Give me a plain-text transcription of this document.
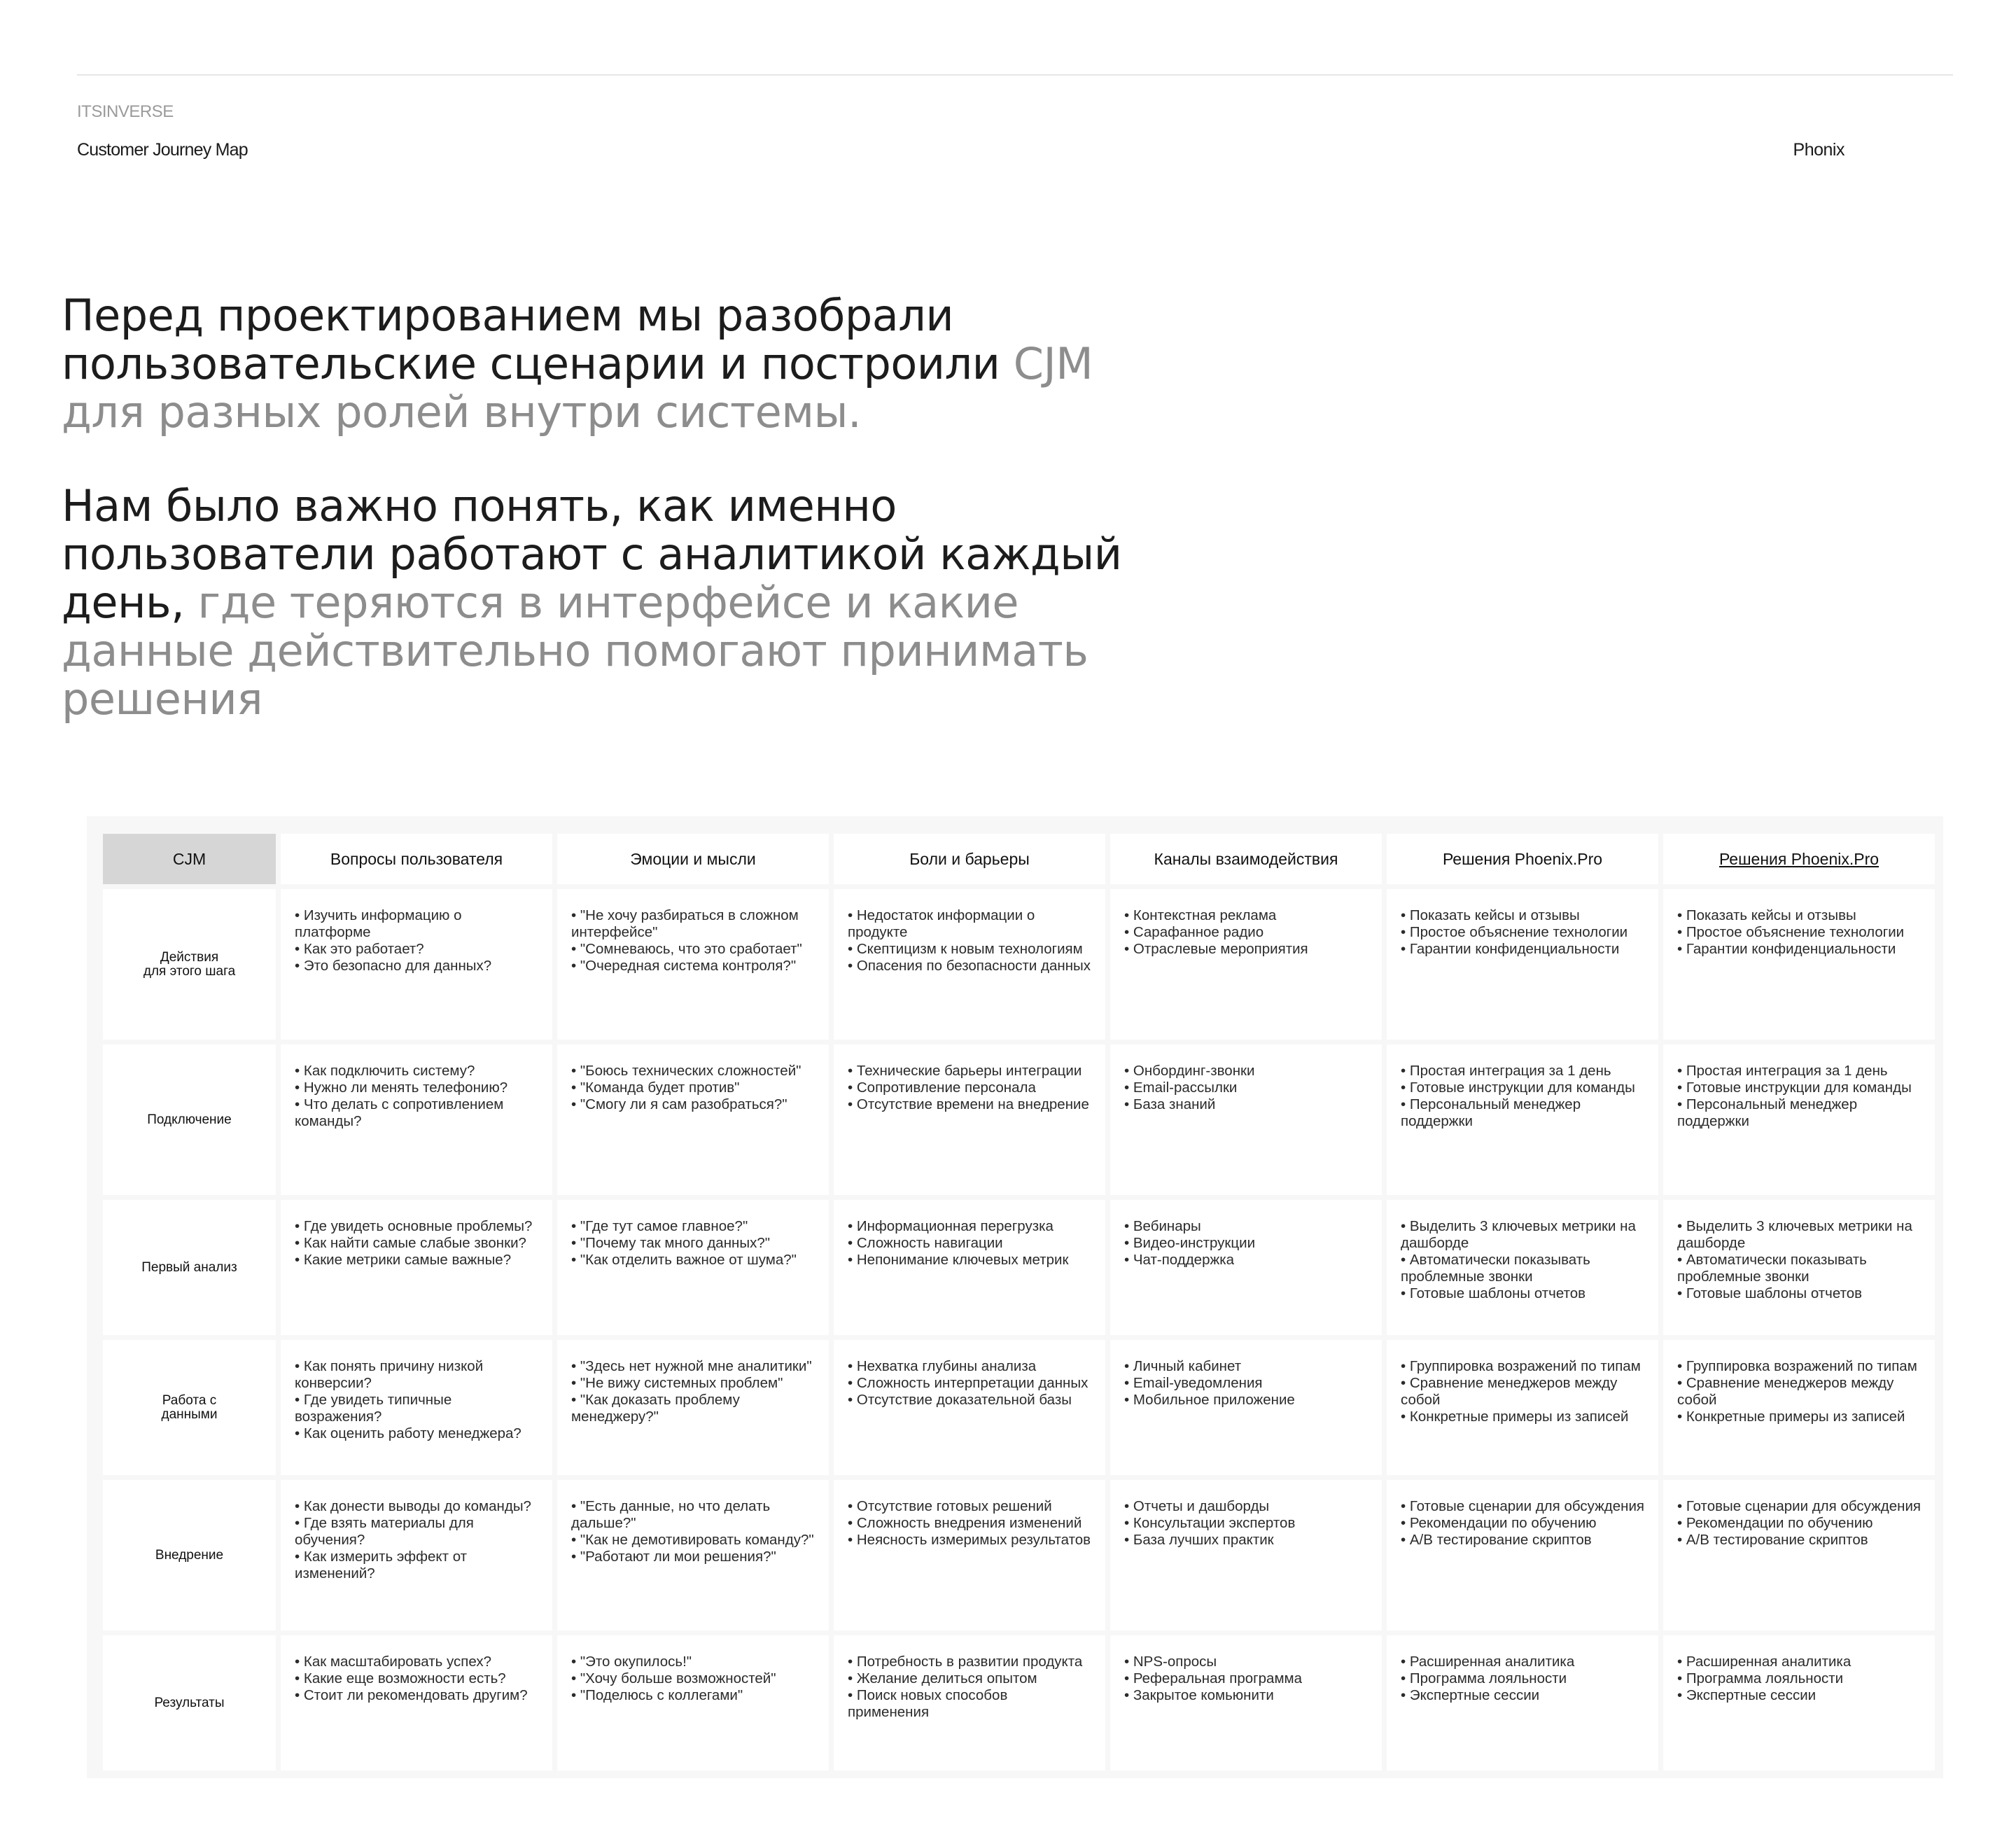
ITSINVERSE
Customer Journey Map	Phonix
Перед проектированием мы разобрали пользовательские сценарии и построили CJM для разных ролей внутри системы.
Нам было важно понять, как именно пользователи работают с аналитикой каждый день, где теряются в интерфейсе и какие данные действительно помогают принимать решения
CJM	Вопросы пользователя	Эмоции и мысли	Боли и барьеры	Каналы взаимодействия	Решения Phoenix.Pro	Решения Phoenix.Pro

Действия
для этого шага	• Изучить информацию о платформе
• Как это работает?
• Это безопасно для данных?	• "Не хочу разбираться в сложном интерфейсе"
• "Сомневаюсь, что это сработает"
• "Очередная система контроля?"	• Недостаток информации о продукте
• Скептицизм к новым технологиям
• Опасения по безопасности данных	• Контекстная реклама
• Сарафанное радио
• Отраслевые мероприятия	• Показать кейсы и отзывы
• Простое объяснение технологии
• Гарантии конфиденциальности	• Показать кейсы и отзывы
• Простое объяснение технологии
• Гарантии конфиденциальности

Подключение	• Как подключить систему?
• Нужно ли менять телефонию?
• Что делать с сопротивлением команды?	• "Боюсь технических сложностей"
• "Команда будет против"
• "Смогу ли я сам разобраться?"	• Технические барьеры интеграции
• Сопротивление персонала
• Отсутствие времени на внедрение	• Онбординг-звонки
• Email-рассылки
• База знаний	• Простая интеграция за 1 день
• Готовые инструкции для команды
• Персональный менеджер поддержки	• Простая интеграция за 1 день
• Готовые инструкции для команды
• Персональный менеджер поддержки

Первый анализ	• Где увидеть основные проблемы?
• Как найти самые слабые звонки?
• Какие метрики самые важные?	• "Где тут самое главное?"
• "Почему так много данных?"
• "Как отделить важное от шума?"	• Информационная перегрузка
• Сложность навигации
• Непонимание ключевых метрик	• Вебинары
• Видео-инструкции
• Чат-поддержка	• Выделить 3 ключевых метрики на дашборде
• Автоматически показывать проблемные звонки
• Готовые шаблоны отчетов	• Выделить 3 ключевых метрики на дашборде
• Автоматически показывать проблемные звонки
• Готовые шаблоны отчетов

Работа с
данными	• Как понять причину низкой конверсии?
• Где увидеть типичные возражения?
• Как оценить работу менеджера?	• "Здесь нет нужной мне аналитики"
• "Не вижу системных проблем"
• "Как доказать проблему менеджеру?"	• Нехватка глубины анализа
• Сложность интерпретации данных
• Отсутствие доказательной базы	• Личный кабинет
• Email-уведомления
• Мобильное приложение	• Группировка возражений по типам
• Сравнение менеджеров между собой
• Конкретные примеры из записей	• Группировка возражений по типам
• Сравнение менеджеров между собой
• Конкретные примеры из записей

Внедрение	• Как донести выводы до команды?
• Где взять материалы для обучения?
• Как измерить эффект от изменений?	• "Есть данные, но что делать дальше?"
• "Как не демотивировать команду?"
• "Работают ли мои решения?"	• Отсутствие готовых решений
• Сложность внедрения изменений
• Неясность измеримых результатов	• Отчеты и дашборды
• Консультации экспертов
• База лучших практик	• Готовые сценарии для обсуждения
• Рекомендации по обучению
• A/B тестирование скриптов	• Готовые сценарии для обсуждения
• Рекомендации по обучению
• A/B тестирование скриптов

Результаты	• Как масштабировать успех?
• Какие еще возможности есть?
• Стоит ли рекомендовать другим?	• "Это окупилось!"
• "Хочу больше возможностей"
• "Поделюсь с коллегами"	• Потребность в развитии продукта
• Желание делиться опытом
• Поиск новых способов применения	• NPS-опросы
• Реферальная программа
• Закрытое комьюнити	• Расширенная аналитика
• Программа лояльности
• Экспертные сессии	• Расширенная аналитика
• Программа лояльности
• Экспертные сессии
